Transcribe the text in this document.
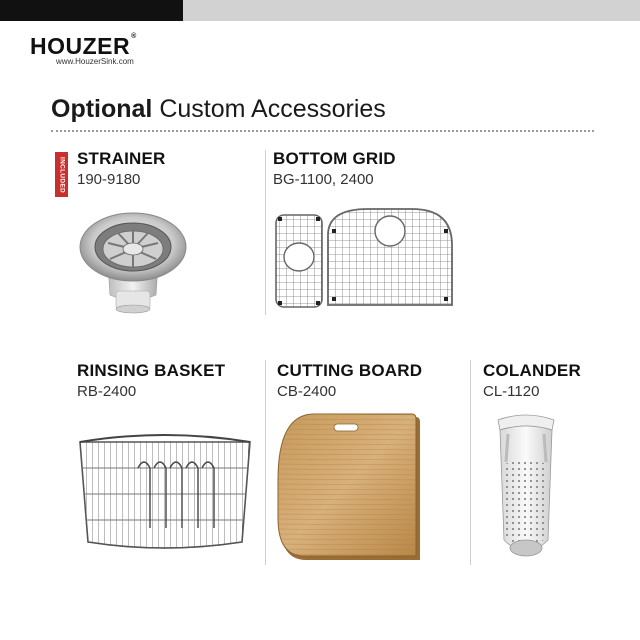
HOUZER®
www.HouzerSink.com
Optional Custom Accessories
INCLUDED STRAINER
190-9180
BOTTOM GRID
BG-1100, 2400
RINSING BASKET
RB-2400
CUTTING BOARD
CB-2400
COLANDER
CL-1120
